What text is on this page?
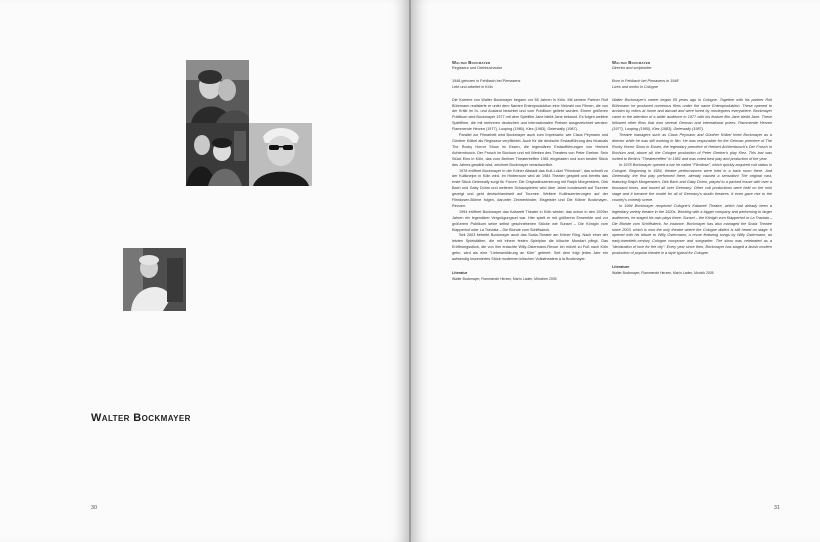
Walter Bockmayer
30
Walter Bockmayer
Regisseur und Drehbuchautor
1948 geboren in Fehlbach bei Pirmasens
Lebt und arbeitet in Köln

Die Karriere von Walter Bockmayer begann vor 55 Jahren in Köln. Mit seinem Partner Rolf Bührmann realisierte er unter dem Namen Entenproduktion eine Vielzahl von Filmen, die von der Kritik im In- und Ausland beachtet und vom Publikum geliebt wurden. Einem größeren Publikum wird Bockmayer 1977 mit dem Spielfilm Jane bleibt Jane bekannt. Es folgen weitere Spielfilme, die mit mehreren deutschen und internationalen Preisen ausgezeichnet werden: Flammende Herzen (1977), Looping (1980), Kiez (1983), Geierwally (1987).

Parallel zur Filmarbeit wird Bockmayer auch zum Impresario: wie Claus Peymann und Günther Kölbel als Regisseur verpflichtet. Auch für die deutsche Erstaufführung des Musicals The Rocky Horror Show im Essen, die legendären Erstaufführungen von Herbert Achternbusch. Der Frosch im Bochum und mit Werken des Theaters von Peter Greiner. Sein Stück Eins in Köln, das zum Berliner Theatertreffen 1981 eingeladen und zum besten Stück des Jahres gewählt wird, zeichnet Bockmayer verantwortlich.

1978 eröffnet Bockmayer in der Kölner Altstadt das Kult-Lokal "Filmdose", das schnell zu der Kultkneipe in Köln wird. Im Hinterraum wird ab 1984 Theater gespielt und bereits das erste Stück Geierwally sorgt für Furore. Die Originalinszenierung mit Ralph Morgenstern, Dirk Bach und Gaby Dohm und weiteren Schauspielern wird über Jahre bundesweit auf Tournee gezeigt und geht deutschlandweit auf Tournee. Weitere Kultinszenierungen auf der Filmdosen-Bühne folgen, darunter Zimmerkinder, Eisgeister und Die Kölner Bockmayer-Revuen.

1994 eröffnet Bockmayer das Kabarett Theater in Köln wieder, das schon in den 1920er Jahren ein legendärer Vergnügungsort war. Hier spielt er mit größerem Ensemble und vor größerem Publikum seine selbst geschriebenen Stücke wie Sunset – Die Königin vom Klapperhof oder La Traviata – Die Blonde vom Schiffsdeck.

Seit 2003 betreibt Bockmayer auch das Scala-Theater am Kölner Ring. Nach einer der letzten Spielstätten, die mit einem festen Spielplan die kölsche Mundart pflegt. Das Eröffnungsstück, die von ihm erdachte Willy-Ostermann-Revue Ich möcht zu Fuß nach Köln gehn, wird als eine "Liebeserklärung an Köln" gefeiert. Seit dem folgt jedes Jahr ein aufwendig inszeniertes Stück modernen kölschen Volkstheaters à la Bockmayer.

Literatur
Walter Bockmayer, Flammende Herzen, Man's Laden, München 2005
Walter Bockmayer
Director and scriptwriter
Born in Fehlbach bei Pirmasens in 1948
Lives and works in Cologne

Walter Bockmayer's career began 55 years ago in Cologne. Together with his partner Rolf Bührmann he produced numerous films under the name Entenproduktion. These opened to acclaim by critics at home and abroad and were loved by moviegoers everywhere. Bockmayer came to the attention of a wider audience in 1977 with his feature film Jane bleibt Jane. These followed other films that won several German and international prizes: Flammende Herzen (1977), Looping (1980), Kiez (1983), Geierwally (1987).

Theatre managers such as Claus Peymann and Günther Kölbel hired Bockmayer as a director while he was still working in film. He was responsible for the German premiere of The Rocky Horror Show in Essen, the legendary premiere of Herbert Achternbusch's Der Frosch in Bochum and, above all, the Cologne production of Peter Greiner's play Kiez. This last was invited to Berlin's "Theatertreffen" in 1981 and was voted best play and production of the year.

In 1978 Bockmayer opened a bar he called "Filmdose", which quickly acquired cult status in Cologne. Beginning in 1984, theatre performances were held in a back room there. And Geierwally, the first play performed there, already caused a sensation! The original cast, featuring Ralph Morgenstern, Dirk Bach and Gaby Dohm, played to a packed house with over a thousand times, and toured all over Germany. Other cult productions were held on the mini stage and it became the model for all of Germany's studio theatres. It even gave rise to the country's comedy scene.

In 1994 Bockmayer reopened Cologne's Kabarett Theatre, which had already been a legendary variety theatre in the 1920s. Working with a bigger company and performing to larger audiences, he staged his own plays there: Sunset – the Königin vom Klapperhof or La Traviata – Die Blonde vom Schiffsdeck, for instance. Bockmayer has also managed the Scala Theatre since 2003, which is now the only theatre where the Cologne dialect is still heard on stage. It opened with his tribute to Willy Ostermann, a revue featuring songs by Willy Ostermann, an early-twentieth-century Cologne composer and songwriter. The show was celebrated as a "declaration of love for the city". Every year since then, Bockmayer has staged a lavish modern production of popular theatre in a style typical for Cologne.

Literature
Walter Bockmayer, Flammende Herzen, Man's Laden, Munich 2005
31
